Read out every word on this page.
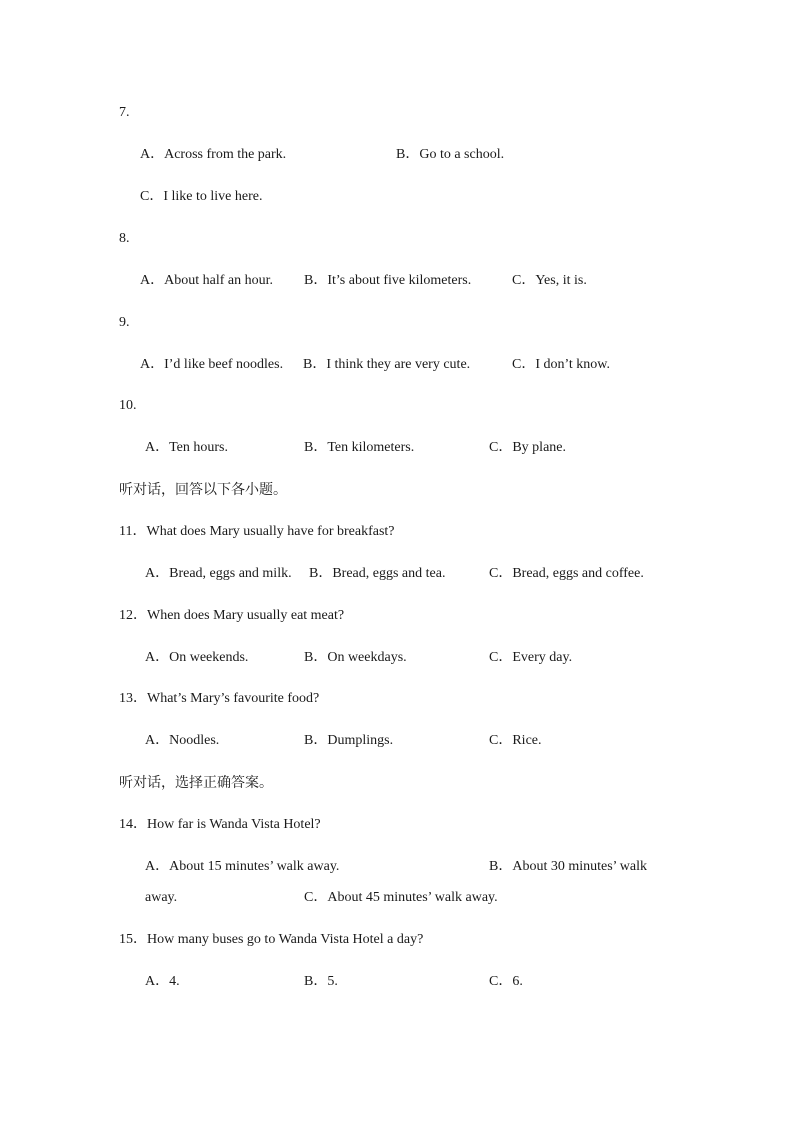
7.
A．Across from the park.	B．Go to a school.
C．I like to live here.
8.
A．About half an hour. B．It’s about five kilometers.	C．Yes, it is.
9.
A．I’d like beef noodles. B．I think they are very cute.	C．I don’t know.
10.
A．Ten hours.	B．Ten kilometers.	C．By plane.
听对话，回答以下各小题。
11．What does Mary usually have for breakfast?
A．Bread, eggs and milk. B．Bread, eggs and tea.	C．Bread, eggs and coffee.
12．When does Mary usually eat meat?
A．On weekends.	B．On weekdays.	C．Every day.
13．What’s Mary’s favourite food?
A．Noodles.	B．Dumplings.	C．Rice.
听对话，选择正确答案。
14．How far is Wanda Vista Hotel?
A．About 15 minutes’ walk away.	B．About 30 minutes’ walk
away.	C．About 45 minutes’ walk away.
15．How many buses go to Wanda Vista Hotel a day?
A．4.	B．5.	C．6.
